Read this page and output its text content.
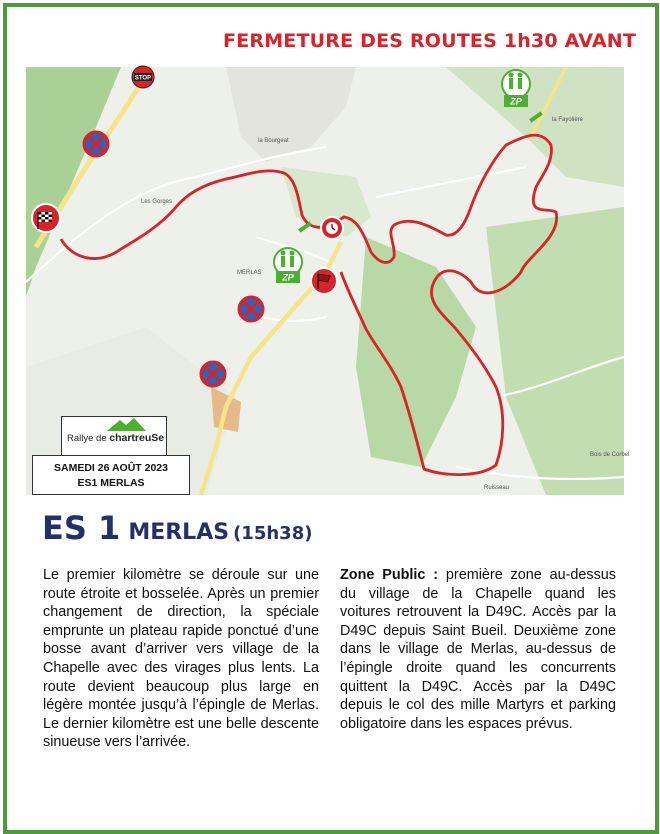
FERMETURE DES ROUTES 1h30 AVANT
la Bourgeat
Les Gorges
MERLAS
la Fayolière
Bois de Corbel
Ruisseau
STOP
ZP
ZP
Rallye de chartreuSe
SAMEDI 26 AOÛT 2023
ES1 MERLAS
ES 1 MERLAS (15h38)
Le premier kilomètre se déroule sur une route étroite et bosselée. Après un premier changement de direction, la spéciale emprunte un plateau rapide ponctué d’une bosse avant d’arriver vers village de la Chapelle avec des virages plus lents. La route devient beaucoup plus large en légère montée jusqu’à l’épingle de Merlas. Le dernier kilomètre est une belle descente sinueuse vers l’arrivée.
Zone Public : première zone au-dessus du village de la Chapelle quand les voitures retrouvent la D49C. Accès par la D49C depuis Saint Bueil. Deuxième zone dans le village de Merlas, au-dessus de l’épingle droite quand les concurrents quittent la D49C. Accès par la D49C depuis le col des mille Martyrs et parking obligatoire dans les espaces prévus.
